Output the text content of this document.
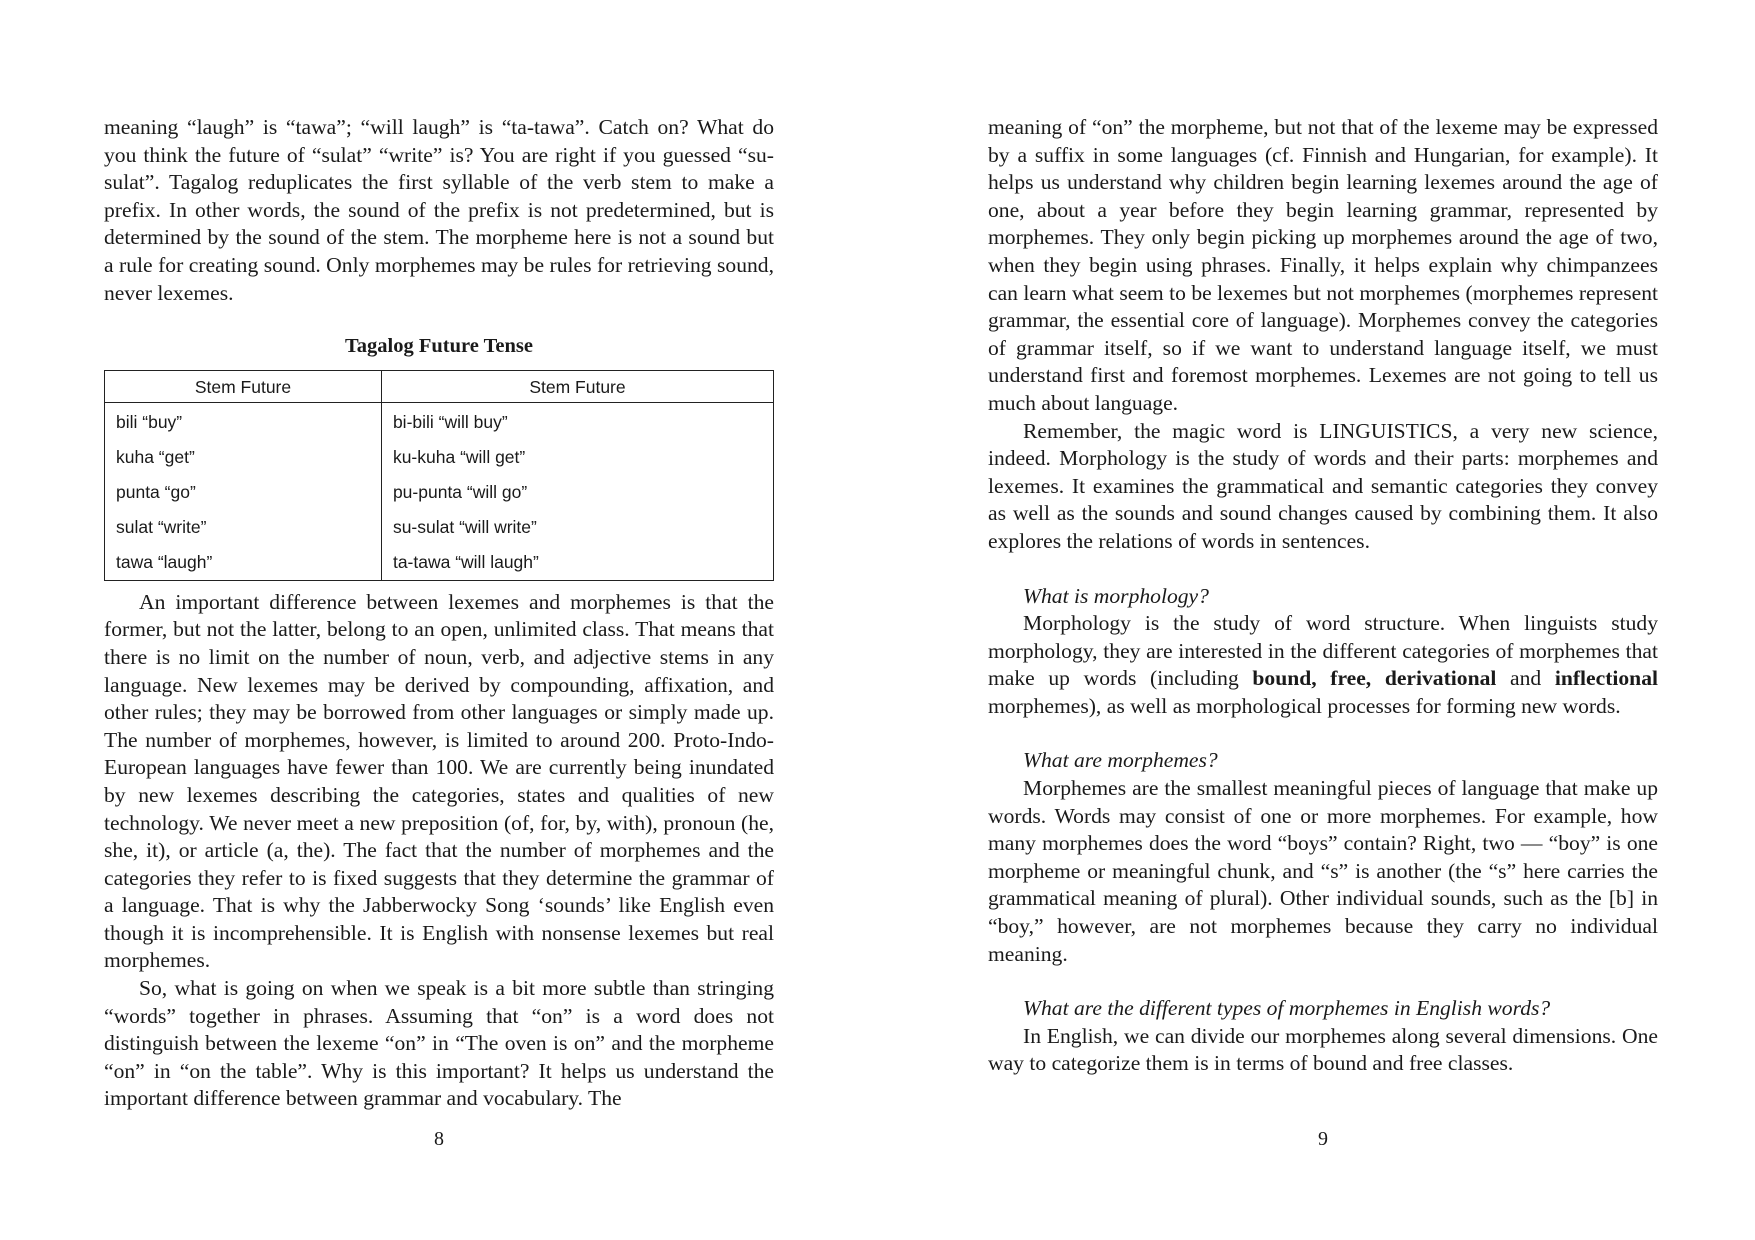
meaning “laugh” is “tawa”; “will laugh” is “ta-tawa”. Catch on? What do you think the future of “sulat” “write” is? You are right if you guessed “su-sulat”. Tagalog reduplicates the first syllable of the verb stem to make a prefix. In other words, the sound of the prefix is not predetermined, but is determined by the sound of the stem. The morpheme here is not a sound but a rule for creating sound. Only morphemes may be rules for retrieving sound, never lexemes.

Tagalog Future Tense
Stem Future	Stem Future
bili “buy”	bi-bili “will buy”
kuha “get”	ku-kuha “will get”
punta “go”	pu-punta “will go”
sulat “write”	su-sulat “will write”
tawa “laugh”	ta-tawa “will laugh”

An important difference between lexemes and morphemes is that the former, but not the latter, belong to an open, unlimited class. That means that there is no limit on the number of noun, verb, and adjective stems in any language. New lexemes may be derived by compounding, affixation, and other rules; they may be borrowed from other languages or simply made up. The number of morphemes, however, is limited to around 200. Proto-Indo-European languages have fewer than 100. We are currently being inundated by new lexemes describing the categories, states and qualities of new technology. We never meet a new preposition (of, for, by, with), pronoun (he, she, it), or article (a, the). The fact that the number of morphemes and the categories they refer to is fixed suggests that they determine the grammar of a language. That is why the Jabberwocky Song ‘sounds’ like English even though it is incomprehensible. It is English with nonsense lexemes but real morphemes.

So, what is going on when we speak is a bit more subtle than stringing “words” together in phrases. Assuming that “on” is a word does not distinguish between the lexeme “on” in “The oven is on” and the morpheme “on” in “on the table”. Why is this important? It helps us understand the important difference between grammar and vocabulary. The

meaning of “on” the morpheme, but not that of the lexeme may be expressed by a suffix in some languages (cf. Finnish and Hungarian, for example). It helps us understand why children begin learning lexemes around the age of one, about a year before they begin learning grammar, represented by morphemes. They only begin picking up morphemes around the age of two, when they begin using phrases. Finally, it helps explain why chimpanzees can learn what seem to be lexemes but not morphemes (morphemes represent grammar, the essential core of language). Morphemes convey the categories of grammar itself, so if we want to understand language itself, we must understand first and foremost morphemes. Lexemes are not going to tell us much about language.

Remember, the magic word is LINGUISTICS, a very new science, indeed. Morphology is the study of words and their parts: morphemes and lexemes. It examines the grammatical and semantic categories they convey as well as the sounds and sound changes caused by combining them. It also explores the relations of words in sentences.

What is morphology?

Morphology is the study of word structure. When linguists study morphology, they are interested in the different categories of morphemes that make up words (including bound, free, derivational and inflectional morphemes), as well as morphological processes for forming new words.

What are morphemes?

Morphemes are the smallest meaningful pieces of language that make up words. Words may consist of one or more morphemes. For example, how many morphemes does the word “boys” contain? Right, two — “boy” is one morpheme or meaningful chunk, and “s” is another (the “s” here carries the grammatical meaning of plural). Other individual sounds, such as the [b] in “boy,” however, are not morphemes because they carry no individual meaning.

What are the different types of morphemes in English words?

In English, we can divide our morphemes along several dimensions. One way to categorize them is in terms of bound and free classes.

8	9
